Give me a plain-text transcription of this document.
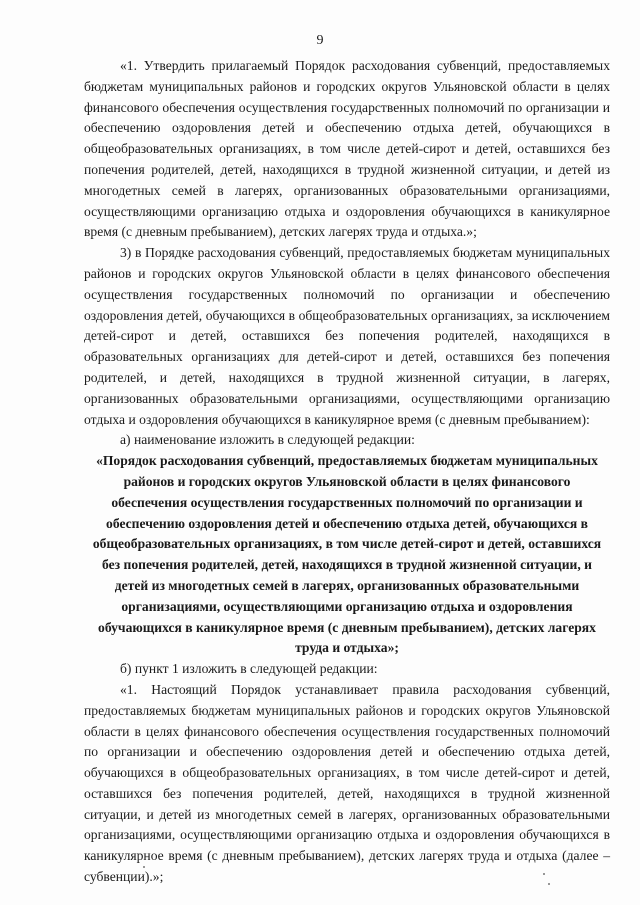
9

«1. Утвердить прилагаемый Порядок расходования субвенций, предоставляемых бюджетам муниципальных районов и городских округов Ульяновской области в целях финансового обеспечения осуществления государственных полномочий по организации и обеспечению оздоровления детей и обеспечению отдыха детей, обучающихся в общеобразовательных организациях, в том числе детей-сирот и детей, оставшихся без попечения родителей, детей, находящихся в трудной жизненной ситуации, и детей из многодетных семей в лагерях, организованных образовательными организациями, осуществляющими организацию отдыха и оздоровления обучающихся в каникулярное время (с дневным пребыванием), детских лагерях труда и отдыха.»;

3) в Порядке расходования субвенций, предоставляемых бюджетам муниципальных районов и городских округов Ульяновской области в целях финансового обеспечения осуществления государственных полномочий по организации и обеспечению оздоровления детей, обучающихся в общеобразовательных организациях, за исключением детей-сирот и детей, оставшихся без попечения родителей, находящихся в образовательных организациях для детей-сирот и детей, оставшихся без попечения родителей, и детей, находящихся в трудной жизненной ситуации, в лагерях, организованных образовательными организациями, осуществляющими организацию отдыха и оздоровления обучающихся в каникулярное время (с дневным пребыванием):

а) наименование изложить в следующей редакции:

«Порядок расходования субвенций, предоставляемых бюджетам муниципальных районов и городских округов Ульяновской области в целях финансового обеспечения осуществления государственных полномочий по организации и обеспечению оздоровления детей и обеспечению отдыха детей, обучающихся в общеобразовательных организациях, в том числе детей-сирот и детей, оставшихся без попечения родителей, детей, находящихся в трудной жизненной ситуации, и детей из многодетных семей в лагерях, организованных образовательными организациями, осуществляющими организацию отдыха и оздоровления обучающихся в каникулярное время (с дневным пребыванием), детских лагерях труда и отдыха»;

б) пункт 1 изложить в следующей редакции:

«1. Настоящий Порядок устанавливает правила расходования субвенций, предоставляемых бюджетам муниципальных районов и городских округов Ульяновской области в целях финансового обеспечения осуществления государственных полномочий по организации и обеспечению оздоровления детей и обеспечению отдыха детей, обучающихся в общеобразовательных организациях, в том числе детей-сирот и детей, оставшихся без попечения родителей, детей, находящихся в трудной жизненной ситуации, и детей из многодетных семей в лагерях, организованных образовательными организациями, осуществляющими организацию отдыха и оздоровления обучающихся в каникулярное время (с дневным пребыванием), детских лагерях труда и отдыха (далее – субвенции).»;
